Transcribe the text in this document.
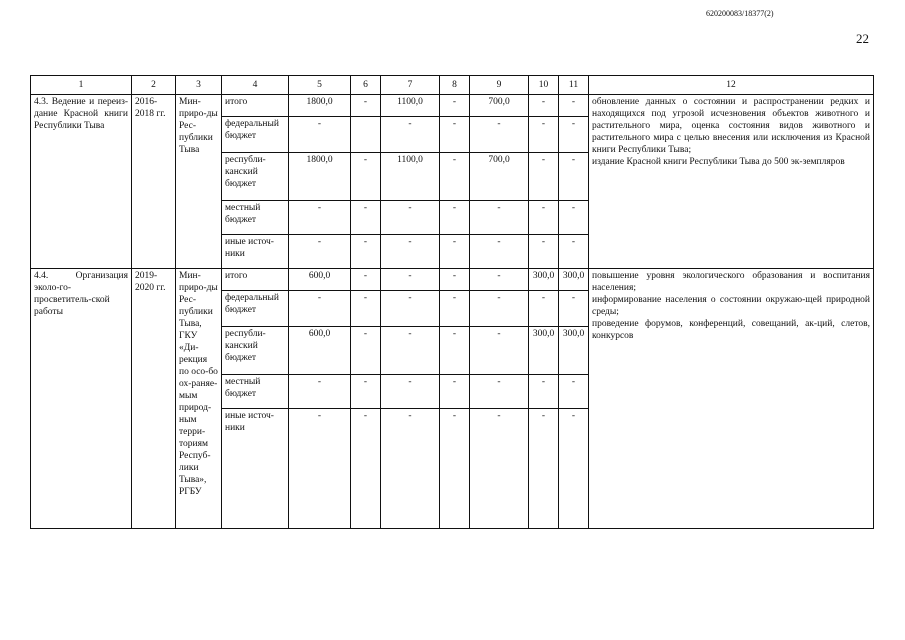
620200083/18377(2)
22
1	2	3	4	5	6	7	8	9	10	11	12
4.3. Ведение и переиз-дание Красной книги Республики Тыва	2016-2018 гг.	Мин-приро-ды Рес-публики Тыва	итого	1800,0	-	1100,0	-	700,0	-	-	обновление данных о состоянии и распространении редких и находящихся под угрозой исчезновения объектов животного и растительного мира, оценка состояния видов животного и растительного мира с целью внесения или исключения из Красной книги Республики Тыва;
издание Красной книги Республики Тыва до 500 эк-земпляров
			федеральный бюджет	-		-	-	-	-	-	
			республи-канский бюджет	1800,0	-	1100,0	-	700,0	-	-	
			местный бюджет	-	-	-	-	-	-	-	
			иные источ-ники	-	-	-	-	-	-	-	
4.4. Организация эколо-го-просветитель-ской работы	2019-2020 гг.	Мин-приро-ды Рес-публики Тыва, ГКУ «Ди-рекция по осо-бо ох-раняе-мым природ-ным терри-ториям Респуб-лики Тыва», РГБУ	итого	600,0	-	-	-	-	300,0	300,0	повышение уровня экологического образования и воспитания населения;
информирование населения о состоянии окружаю-щей природной среды;
проведение форумов, конференций, совещаний, ак-ций, слетов, конкурсов
			федеральный бюджет	-	-	-	-	-	-	-	
			республи-канский бюджет	600,0	-	-	-	-	300,0	300,0	
			местный бюджет	-	-	-	-	-	-	-	
			иные источ-ники	-	-	-	-	-	-	-	
